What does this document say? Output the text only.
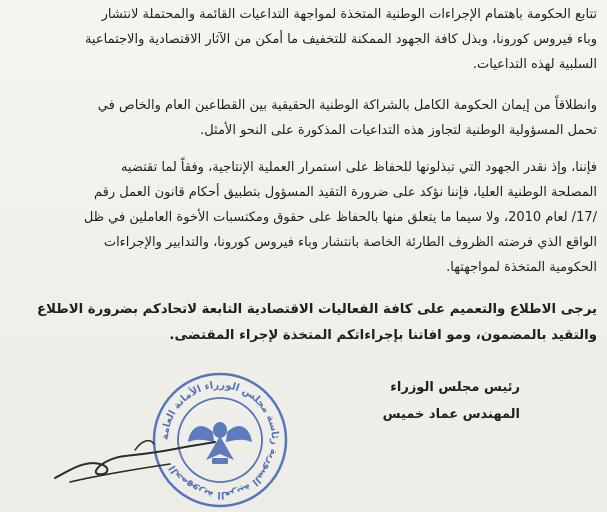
تتابع الحكومة باهتمام الإجراءات الوطنية المتخذة لمواجهة التداعيات القائمة والمحتملة لانتشار
وباء فيروس كورونا، وبذل كافة الجهود الممكنة للتخفيف ما أمكن من الآثار الاقتصادية والاجتماعية
السلبية لهذه التداعيات.
وانطلاقاً من إيمان الحكومة الكامل بالشراكة الوطنية الحقيقية بين القطاعين العام والخاص في
تحمل المسؤولية الوطنية لتجاوز هذه التداعيات المذكورة على النحو الأمثل.
فإننا، وإذ نقدر الجهود التي تبذلونها للحفاظ على استمرار العملية الإنتاجية، وفقاً لما تقتضيه
المصلحة الوطنية العليا، فإننا نؤكد على ضرورة التقيد المسؤول بتطبيق أحكام قانون العمل رقم
/17/ لعام 2010، ولا سيما ما يتعلق منها بالحفاظ على حقوق ومكتسبات الأخوة العاملين في ظل
الواقع الذي فرضته الظروف الطارئة الخاصة بانتشار وباء فيروس كورونا، والتدابير والإجراءات
الحكومية المتخذة لمواجهتها.
يرجى الاطلاع والتعميم على كافة الفعاليات الاقتصادية التابعة لاتحادكم بضرورة الاطلاع
والتقيد بالمضمون، ومو افاتنا بإجراءاتكم المتخذة لإجراء المقتضى.
الجمهورية العربية السورية رئاسة مجلس الوزراء الأمانة العامة
رئيس مجلس الوزراء
المهندس عماد خميس
